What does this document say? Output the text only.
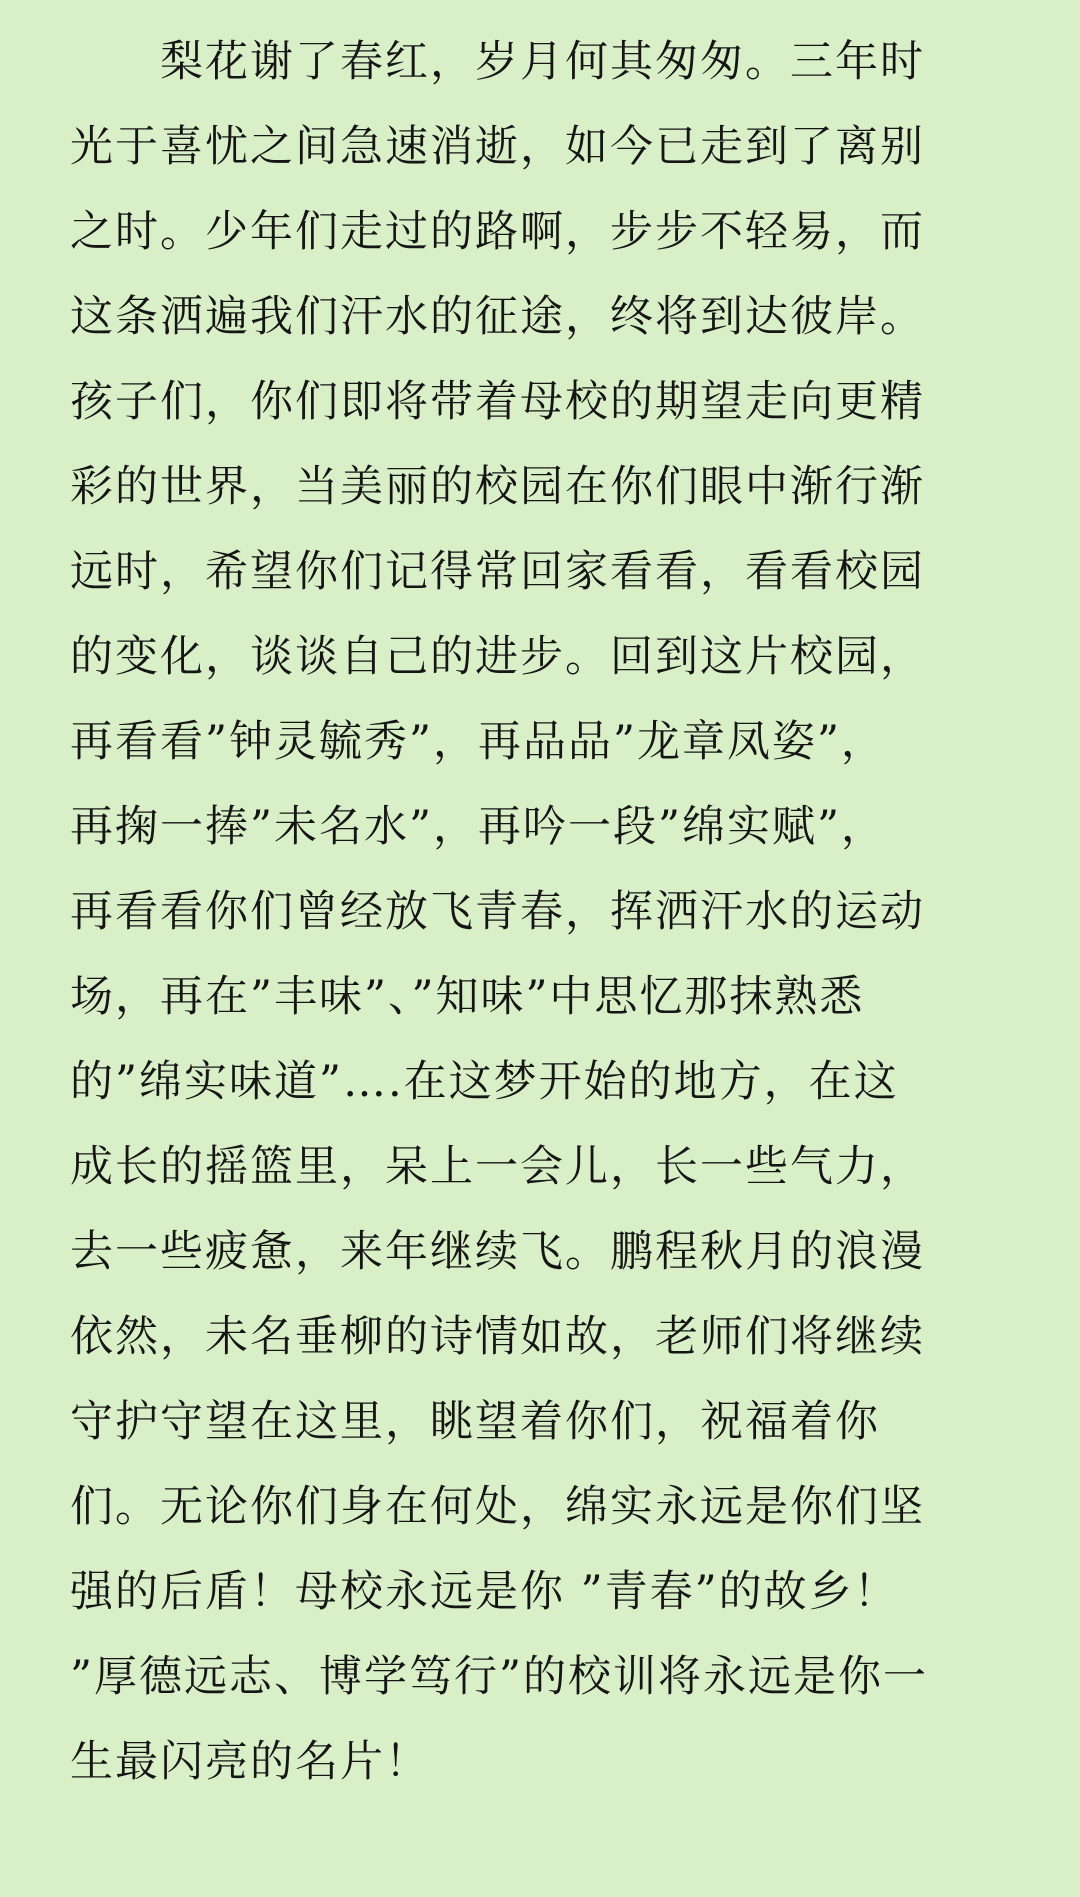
　　梨花谢了春红，岁月何其匆匆。三年时
光于喜忧之间急速消逝，如今已走到了离别
之时。少年们走过的路啊，步步不轻易，而
这条洒遍我们汗水的征途，终将到达彼岸。
孩子们，你们即将带着母校的期望走向更精
彩的世界，当美丽的校园在你们眼中渐行渐
远时，希望你们记得常回家看看，看看校园
的变化，谈谈自己的进步。回到这片校园，
再看看”钟灵毓秀”，再品品”龙章凤姿”，
再掬一捧”未名水”，再吟一段”绵实赋”，
再看看你们曾经放飞青春，挥洒汗水的运动
场，再在”丰味”、”知味”中思忆那抹熟悉
的”绵实味道”….在这梦开始的地方，在这
成长的摇篮里，呆上一会儿，长一些气力，
去一些疲惫，来年继续飞。鹏程秋月的浪漫
依然，未名垂柳的诗情如故，老师们将继续
守护守望在这里，眺望着你们，祝福着你
们。无论你们身在何处，绵实永远是你们坚
强的后盾！母校永远是你 ”青春”的故乡！
”厚德远志、博学笃行”的校训将永远是你一
生最闪亮的名片！
